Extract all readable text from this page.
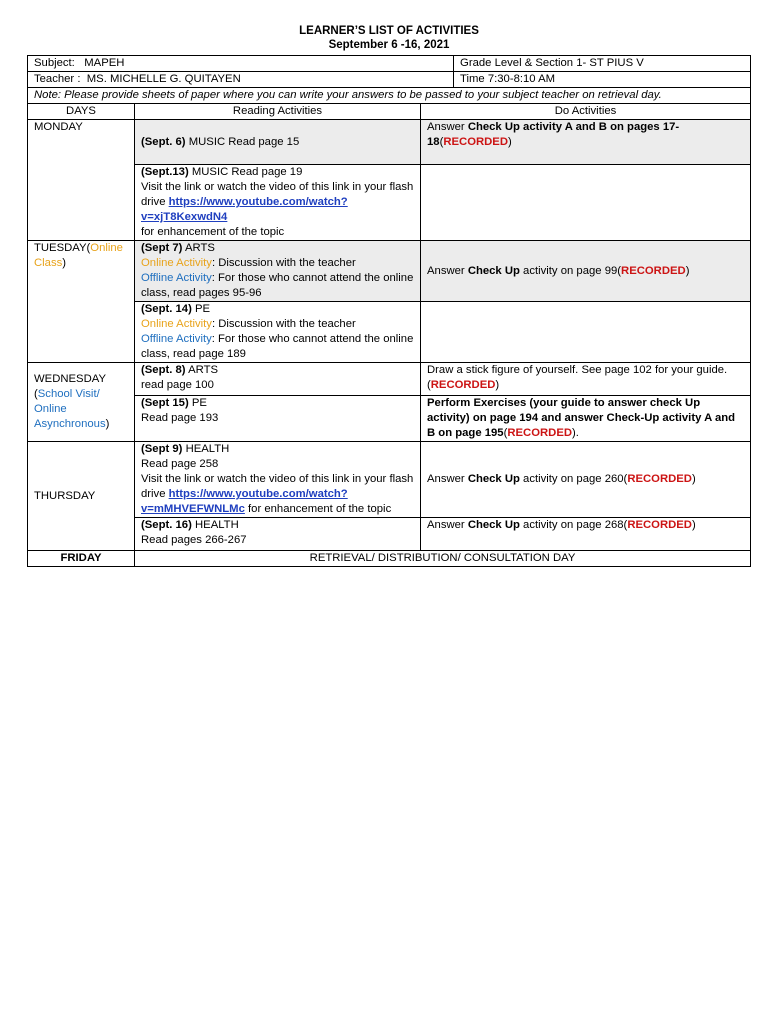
LEARNER’S LIST OF ACTIVITIES
September 6 -16, 2021
Subject: MAPEH			Grade Level & Section 1- ST PIUS V
Teacher : MS. MICHELLE G. QUITAYEN			Time 7:30-8:10 AM
Note: Please provide sheets of paper where you can write your answers to be passed to your subject teacher on retrieval day.			
DAYS	Reading Activities	Do Activities	
MONDAY	(Sept. 6) MUSIC Read page 15	Answer Check Up activity A and B on pages 17-18(RECORDED)	
	(Sept.13) MUSIC Read page 19
Visit the link or watch the video of this link in your flash drive https://www.youtube.com/watch?v=xjT8KexwdN4
for enhancement of the topic		
TUESDAY(Online Class)	(Sept 7) ARTS
Online Activity: Discussion with the teacher
Offline Activity: For those who cannot attend the online class, read pages 95-96	Answer Check Up activity on page 99(RECORDED)	
	(Sept. 14) PE
Online Activity: Discussion with the teacher
Offline Activity: For those who cannot attend the online class, read page 189		
WEDNESDAY
(School Visit/ Online Asynchronous)	(Sept. 8) ARTS
read page 100	Draw a stick figure of yourself. See page 102 for your guide. (RECORDED)	
	(Sept 15) PE
Read page 193	Perform Exercises (your guide to answer check Up activity) on page 194 and answer Check-Up activity A and B on page 195(RECORDED).	
THURSDAY	(Sept 9) HEALTH
Read page 258
Visit the link or watch the video of this link in your flash drive https://www.youtube.com/watch?v=mMHVEFWNLMc for enhancement of the topic	Answer Check Up activity on page 260(RECORDED)	
	(Sept. 16) HEALTH
Read pages 266-267	Answer Check Up activity on page 268(RECORDED)	
FRIDAY	RETRIEVAL/ DISTRIBUTION/ CONSULTATION DAY		
